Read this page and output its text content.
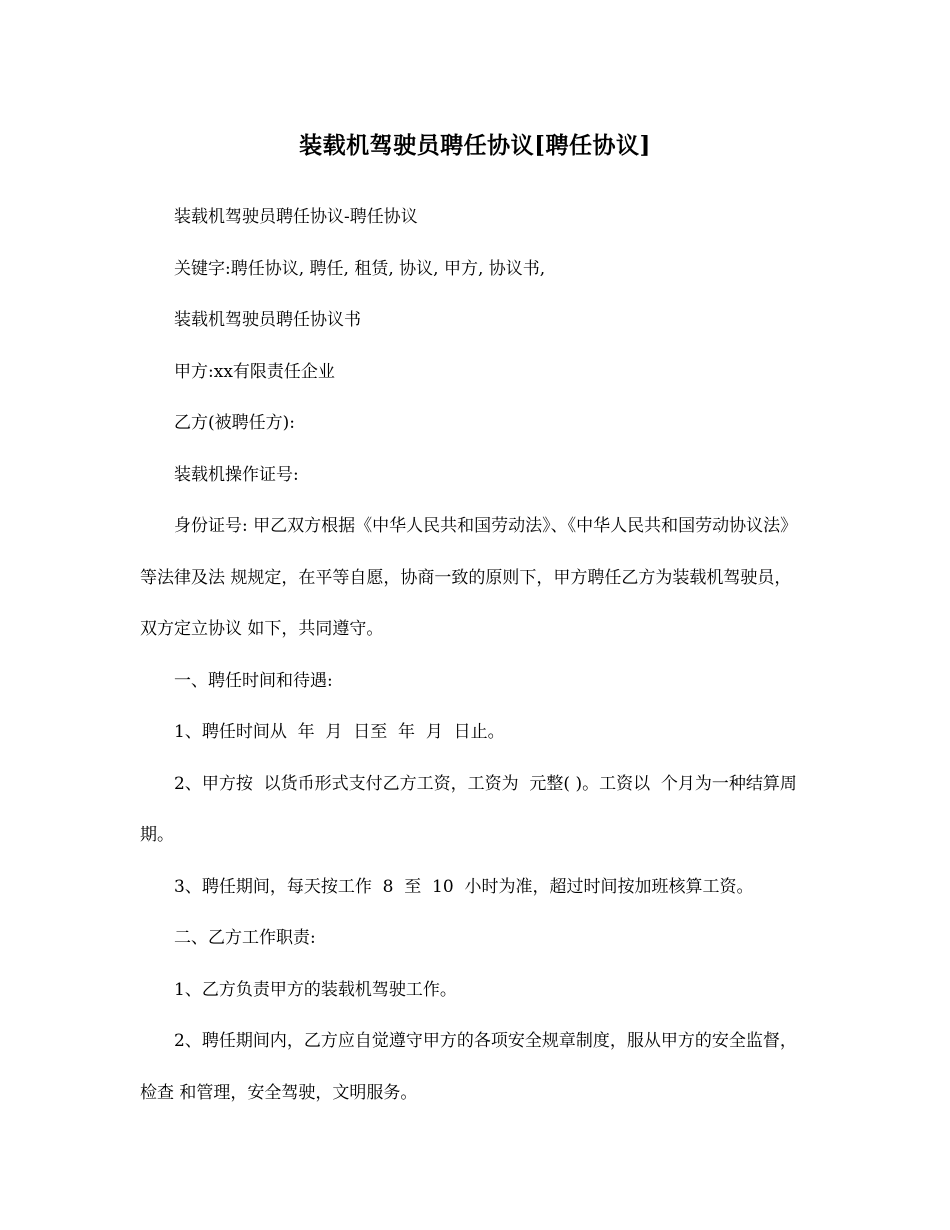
装载机驾驶员聘任协议[聘任协议]

装载机驾驶员聘任协议-聘任协议

关键字:聘任协议, 聘任, 租赁, 协议, 甲方, 协议书,

装载机驾驶员聘任协议书

甲方:xx有限责任企业

乙方(被聘任方):

装载机操作证号:

身份证号: 甲乙双方根据《中华人民共和国劳动法》、《中华人民共和国劳动协议法》等法律及法 规规定，在平等自愿，协商一致的原则下，甲方聘任乙方为装载机驾驶员，双方定立协议 如下，共同遵守。

一、聘任时间和待遇:

1、聘任时间从  年  月  日至  年  月  日止。

2、甲方按  以货币形式支付乙方工资，工资为  元整( )。工资以  个月为一种结算周期。

3、聘任期间，每天按工作  8  至  10  小时为准，超过时间按加班核算工资。

二、乙方工作职责:

1、乙方负责甲方的装载机驾驶工作。

2、聘任期间内，乙方应自觉遵守甲方的各项安全规章制度，服从甲方的安全监督，检查 和管理，安全驾驶，文明服务。
